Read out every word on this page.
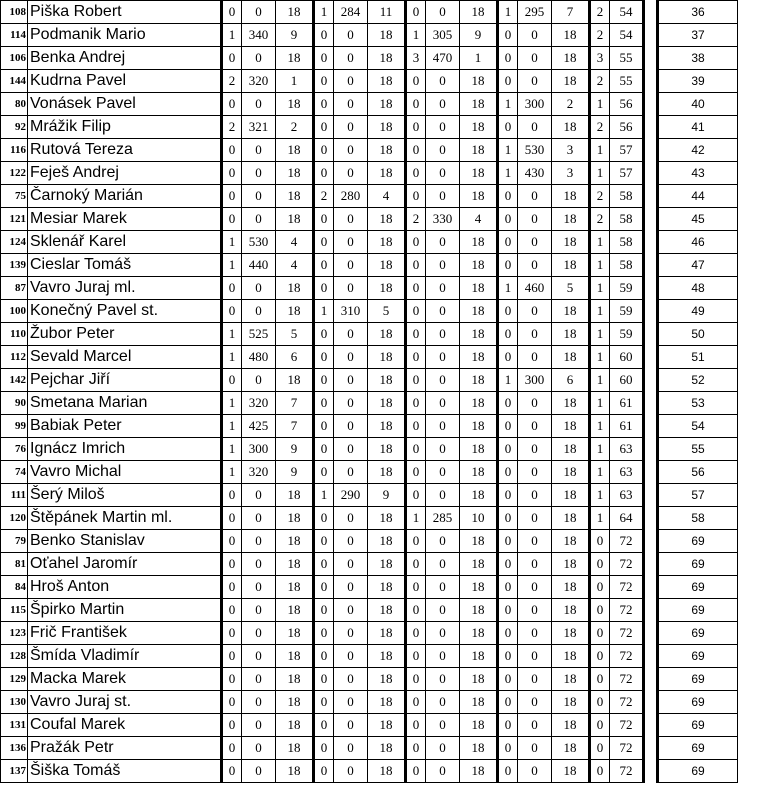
108	Piška Robert	0	0	18	1	284	11	0	0	18	1	295	7	2	54		36
114	Podmanik Mario	1	340	9	0	0	18	1	305	9	0	0	18	2	54		37
106	Benka Andrej	0	0	18	0	0	18	3	470	1	0	0	18	3	55		38
144	Kudrna Pavel	2	320	1	0	0	18	0	0	18	0	0	18	2	55		39
80	Vonásek Pavel	0	0	18	0	0	18	0	0	18	1	300	2	1	56		40
92	Mrážik Filip	2	321	2	0	0	18	0	0	18	0	0	18	2	56		41
116	Rutová Tereza	0	0	18	0	0	18	0	0	18	1	530	3	1	57		42
122	Feješ Andrej	0	0	18	0	0	18	0	0	18	1	430	3	1	57		43
75	Čarnoký Marián	0	0	18	2	280	4	0	0	18	0	0	18	2	58		44
121	Mesiar Marek	0	0	18	0	0	18	2	330	4	0	0	18	2	58		45
124	Sklenář Karel	1	530	4	0	0	18	0	0	18	0	0	18	1	58		46
139	Cieslar Tomáš	1	440	4	0	0	18	0	0	18	0	0	18	1	58		47
87	Vavro Juraj ml.	0	0	18	0	0	18	0	0	18	1	460	5	1	59		48
100	Konečný Pavel st.	0	0	18	1	310	5	0	0	18	0	0	18	1	59		49
110	Žubor Peter	1	525	5	0	0	18	0	0	18	0	0	18	1	59		50
112	Sevald Marcel	1	480	6	0	0	18	0	0	18	0	0	18	1	60		51
142	Pejchar Jiří	0	0	18	0	0	18	0	0	18	1	300	6	1	60		52
90	Smetana Marian	1	320	7	0	0	18	0	0	18	0	0	18	1	61		53
99	Babiak Peter	1	425	7	0	0	18	0	0	18	0	0	18	1	61		54
76	Ignácz Imrich	1	300	9	0	0	18	0	0	18	0	0	18	1	63		55
74	Vavro Michal	1	320	9	0	0	18	0	0	18	0	0	18	1	63		56
111	Šerý Miloš	0	0	18	1	290	9	0	0	18	0	0	18	1	63		57
120	Štěpánek Martin ml.	0	0	18	0	0	18	1	285	10	0	0	18	1	64		58
79	Benko Stanislav	0	0	18	0	0	18	0	0	18	0	0	18	0	72		69
81	Oťahel Jaromír	0	0	18	0	0	18	0	0	18	0	0	18	0	72		69
84	Hroš Anton	0	0	18	0	0	18	0	0	18	0	0	18	0	72		69
115	Špirko Martin	0	0	18	0	0	18	0	0	18	0	0	18	0	72		69
123	Frič František	0	0	18	0	0	18	0	0	18	0	0	18	0	72		69
128	Šmída Vladimír	0	0	18	0	0	18	0	0	18	0	0	18	0	72		69
129	Macka Marek	0	0	18	0	0	18	0	0	18	0	0	18	0	72		69
130	Vavro Juraj st.	0	0	18	0	0	18	0	0	18	0	0	18	0	72		69
131	Coufal Marek	0	0	18	0	0	18	0	0	18	0	0	18	0	72		69
136	Pražák Petr	0	0	18	0	0	18	0	0	18	0	0	18	0	72		69
137	Šiška Tomáš	0	0	18	0	0	18	0	0	18	0	0	18	0	72		69
